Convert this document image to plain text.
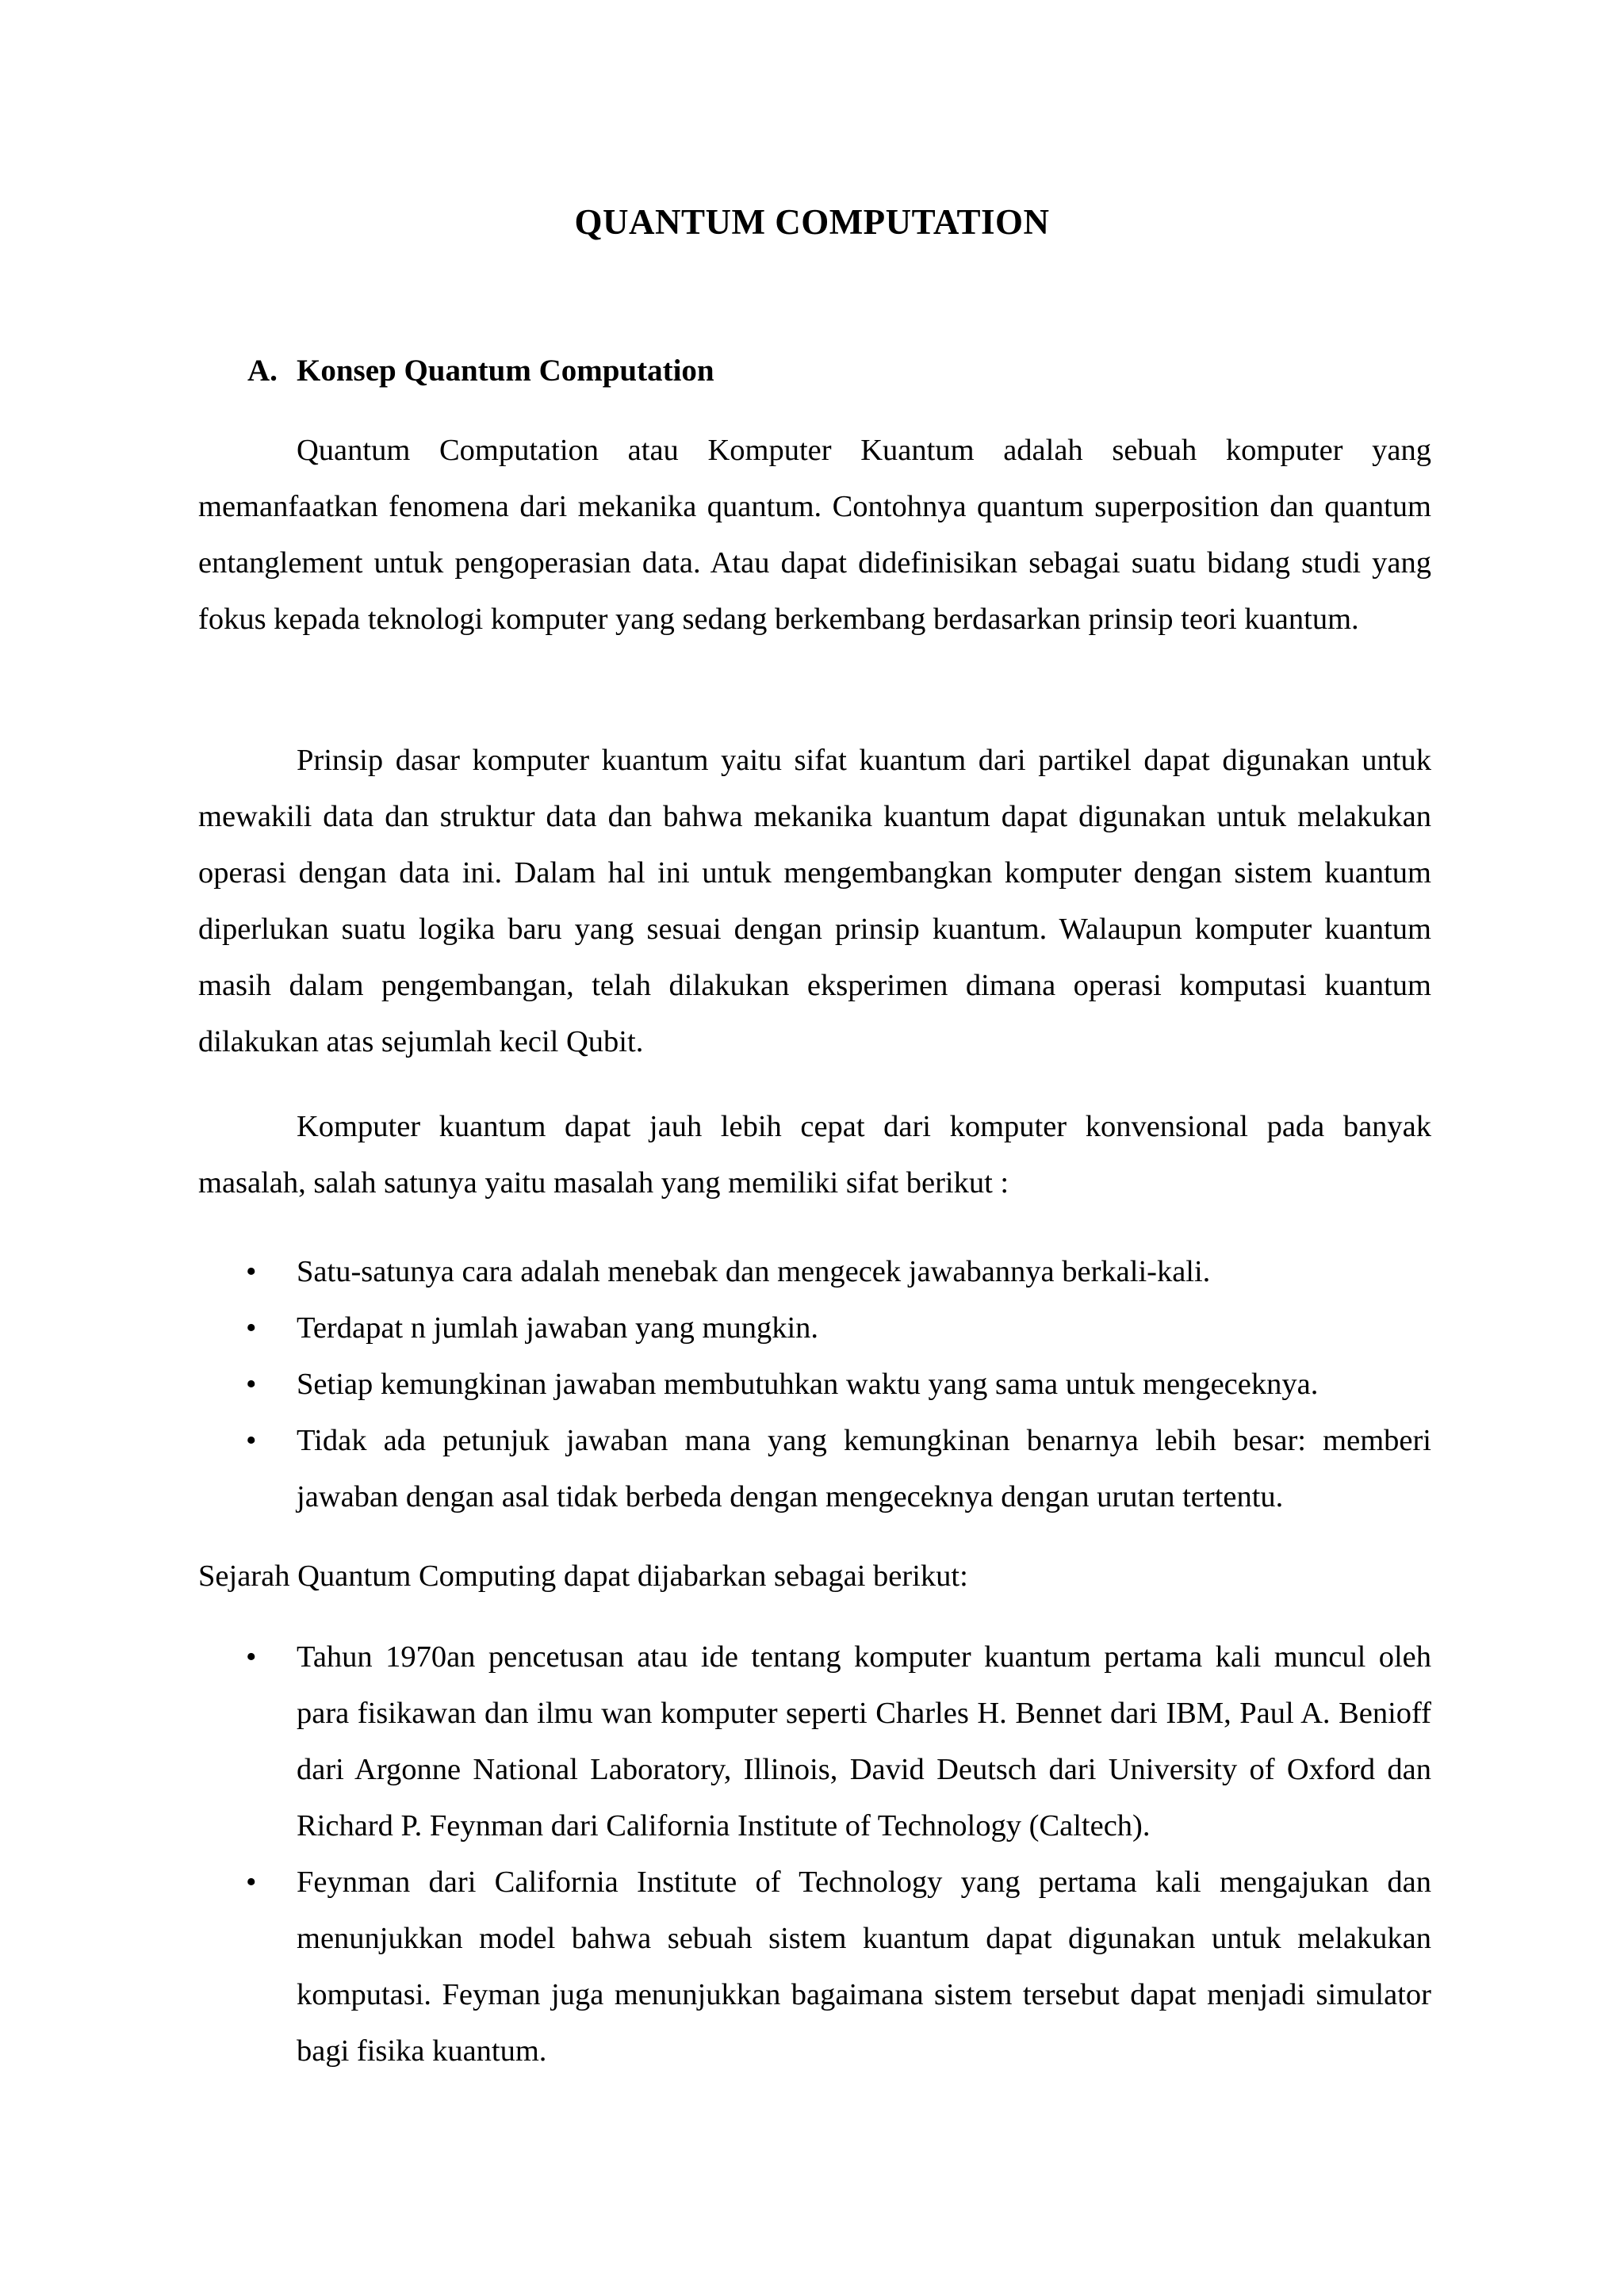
QUANTUM COMPUTATION
A. Konsep Quantum Computation

Quantum Computation atau Komputer Kuantum adalah sebuah komputer yang memanfaatkan fenomena dari mekanika quantum. Contohnya quantum superposition dan quantum entanglement untuk pengoperasian data. Atau dapat didefinisikan sebagai suatu bidang studi yang fokus kepada teknologi komputer yang sedang berkembang berdasarkan prinsip teori kuantum.

Prinsip dasar komputer kuantum yaitu sifat kuantum dari partikel dapat digunakan untuk mewakili data dan struktur data dan bahwa mekanika kuantum dapat digunakan untuk melakukan operasi dengan data ini. Dalam hal ini untuk mengembangkan komputer dengan sistem kuantum diperlukan suatu logika baru yang sesuai dengan prinsip kuantum. Walaupun komputer kuantum masih dalam pengembangan, telah dilakukan eksperimen dimana operasi komputasi kuantum dilakukan atas sejumlah kecil Qubit.

Komputer kuantum dapat jauh lebih cepat dari komputer konvensional pada banyak masalah, salah satunya yaitu masalah yang memiliki sifat berikut :

•	Satu-satunya cara adalah menebak dan mengecek jawabannya berkali-kali.
•	Terdapat n jumlah jawaban yang mungkin.
•	Setiap kemungkinan jawaban membutuhkan waktu yang sama untuk mengeceknya.
•	Tidak ada petunjuk jawaban mana yang kemungkinan benarnya lebih besar: memberi jawaban dengan asal tidak berbeda dengan mengeceknya dengan urutan tertentu.

Sejarah Quantum Computing dapat dijabarkan sebagai berikut:

•	Tahun 1970an pencetusan atau ide tentang komputer kuantum pertama kali muncul oleh para fisikawan dan ilmu wan komputer seperti Charles H. Bennet dari IBM, Paul A. Benioff dari Argonne National Laboratory, Illinois, David Deutsch dari University of Oxford dan Richard P. Feynman dari California Institute of Technology (Caltech).
•	Feynman dari California Institute of Technology yang pertama kali mengajukan dan menunjukkan model bahwa sebuah sistem kuantum dapat digunakan untuk melakukan komputasi. Feyman juga menunjukkan bagaimana sistem tersebut dapat menjadi simulator bagi fisika kuantum.
